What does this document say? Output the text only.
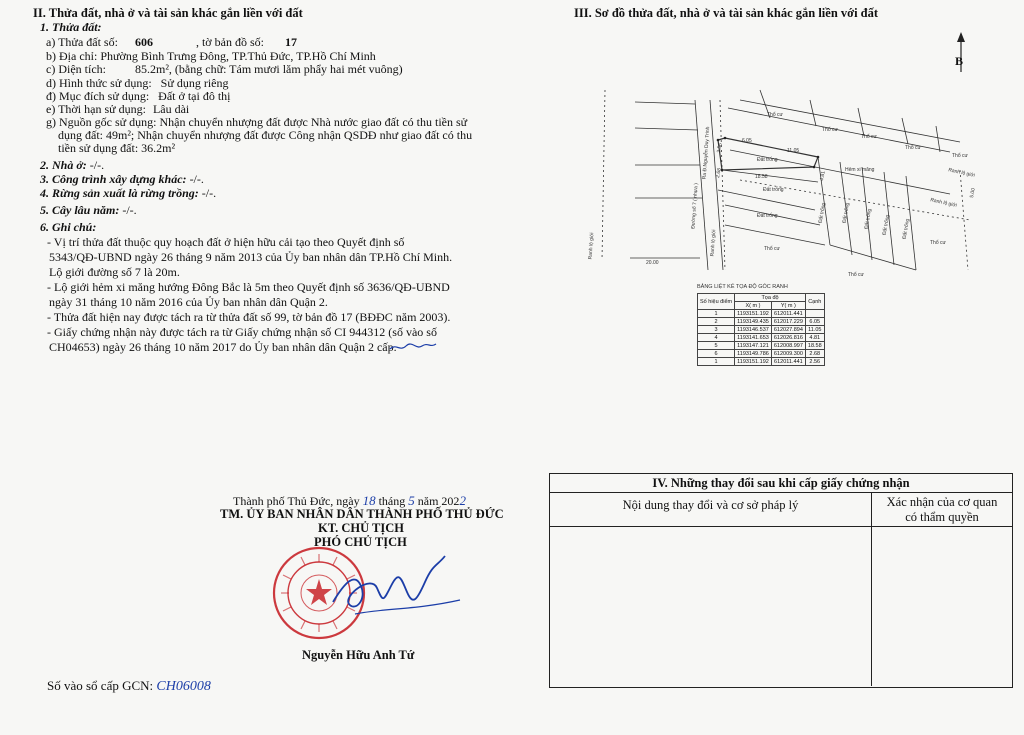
II. Thửa đất, nhà ở và tài sản khác gắn liền với đất
1. Thửa đất:
a) Thửa đất số: 606	, tờ bản đồ số: 17
b) Địa chỉ: Phường Bình Trưng Đông, TP.Thủ Đức, TP.Hồ Chí Minh
c) Diện tích: 85.2m², (bằng chữ: Tám mươi lăm phẩy hai mét vuông)
d) Hình thức sử dụng: Sử dụng riêng
đ) Mục đích sử dụng: Đất ở tại đô thị
e) Thời hạn sử dụng: Lâu dài
g) Nguồn gốc sử dụng: Nhận chuyển nhượng đất được Nhà nước giao đất có thu tiền sử
dụng đất: 49m²; Nhận chuyển nhượng đất được Công nhận QSDĐ như giao đất có thu
tiền sử dụng đất: 36.2m²
2. Nhà ở: -/-.
3. Công trình xây dựng khác: -/-.
4. Rừng sản xuất là rừng trồng: -/-.
5. Cây lâu năm: -/-.
6. Ghi chú:
- Vị trí thửa đất thuộc quy hoạch đất ở hiện hữu cải tạo theo Quyết định số
5343/QĐ-UBND ngày 26 tháng 9 năm 2013 của Ủy ban nhân dân TP.Hồ Chí Minh.
Lộ giới đường số 7 là 20m.
- Lộ giới hẻm xi măng hướng Đông Bắc là 5m theo Quyết định số 3636/QĐ-UBND
ngày 31 tháng 10 năm 2016 của Ủy ban nhân dân Quận 2.
- Thửa đất hiện nay được tách ra từ thửa đất số 99, tờ bản đồ 17 (BĐĐC năm 2003).
- Giấy chứng nhận này được tách ra từ Giấy chứng nhận số CI 944312 (số vào số
CH04653) ngày 26 tháng 10 năm 2017 do Ủy ban nhân dân Quận 2 cấp.
Thành phố Thủ Đức, ngày 18 tháng 5 năm 2022
TM. ỦY BAN NHÂN DÂN THÀNH PHỐ THỦ ĐỨC
KT. CHỦ TỊCH
PHÓ CHỦ TỊCH
Nguyễn Hữu Anh Tứ
Số vào sổ cấp GCN: CH06008
III. Sơ đồ thửa đất, nhà ở và tài sản khác gắn liền với đất
B
Thổ cư
Thổ cư
Thổ cư
Thổ cư
Thổ cư
Hẻm xi măng
Đất trống
Đất trống
Đất trống	Đất trống	Đất trống	Đất trống Đất trống Đất trống
Thổ cư
Thổ cư
Thổ cư
Đường số 7 ( nhựa )
Ra Đ.Nguyễn Duy Trinh
Ranh lộ giới	Ranh lộ giới
Ranh lộ giới
Ranh lộ giới
20.00
5.00
6.05
11.05
4.81
18.58
2.68
2.56
BẢNG LIỆT KÊ TỌA ĐỘ GÓC RANH
Số hiệu điểm	Tọa độ		Cạnh
	X( m )	Y( m )	
1	1193151.192	612011.441	
2	1193149.435	612017.229	6.05
3	1193146.537	612027.894	11.05
4	1193141.653	612026.816	4.81
5	1193147.121	612008.997	18.58
6	1193149.786	612009.300	2.68
1	1193151.192	612011.441	2.56
IV. Những thay đổi sau khi cấp giấy chứng nhận
Nội dung thay đổi và cơ sở pháp lý	Xác nhận của cơ quan
có thẩm quyền
